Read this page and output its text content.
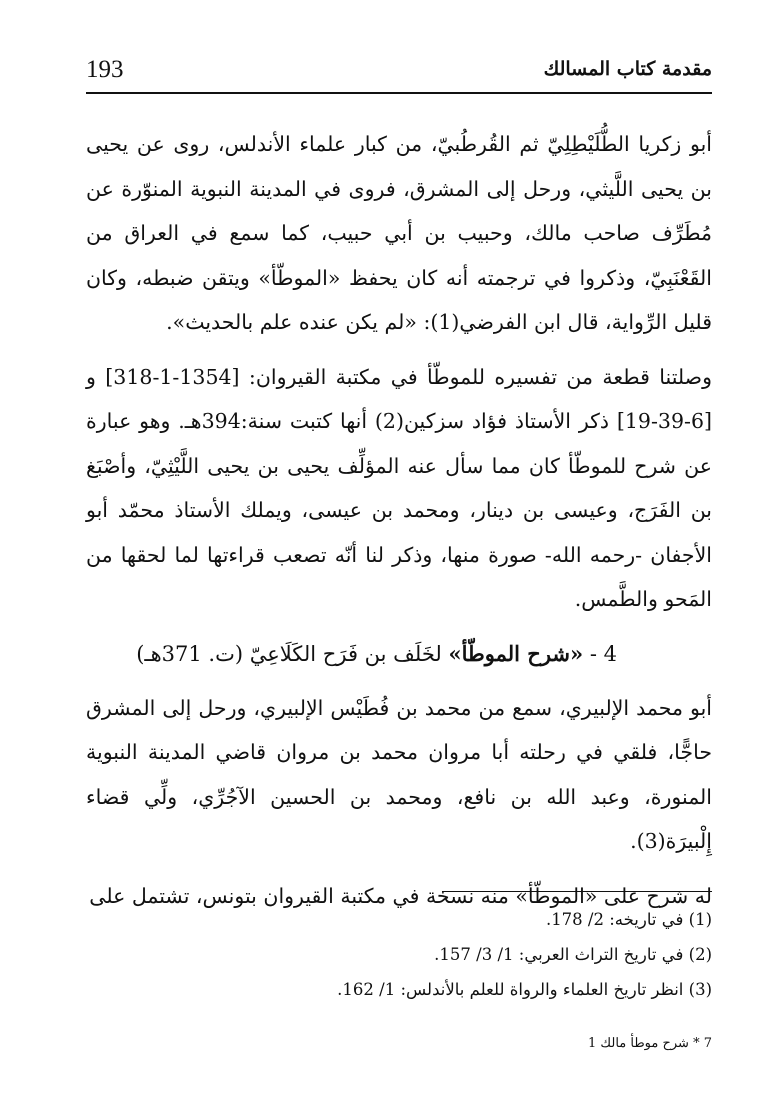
193	مقدمة كتاب المسالك

أبو زكريا الطُّلَيْطِلِيّ ثم القُرطُبيّ، من كبار علماء الأندلس، روى عن يحيى بن يحيى اللَّيثي، ورحل إلى المشرق، فروى في المدينة النبوية المنوّرة عن مُطَرِّف صاحب مالك، وحبيب بن أبي حبيب، كما سمع في العراق من القَعْنَبِيّ، وذكروا في ترجمته أنه كان يحفظ «الموطّأ» ويتقن ضبطه، وكان قليل الرِّواية، قال ابن الفرضي(1): «لم يكن عنده علم بالحديث».

وصلتنا قطعة من تفسيره للموطّأ في مكتبة القيروان: [1354-1-318] و [6-39-19] ذكر الأستاذ فؤاد سزكين(2) أنها كتبت سنة:394هـ. وهو عبارة عن شرح للموطّأ كان مما سأل عنه المؤلِّف يحيى بن يحيى اللَّيْثِيّ، وأصْبَغ بن الفَرَج، وعيسى بن دينار، ومحمد بن عيسى، ويملك الأستاذ محمّد أبو الأجفان -رحمه الله- صورة منها، وذكر لنا أنّه تصعب قراءتها لما لحقها من المَحو والطَّمس.

4 - «شرح الموطّأ» لخَلَف بن فَرَح الكَلَاعِيّ (ت. 371هـ)

أبو محمد الإلبيري، سمع من محمد بن فُطَيْس الإلبيري، ورحل إلى المشرق حاجًّا، فلقي في رحلته أبا مروان محمد بن مروان قاضي المدينة النبوية المنورة، وعبد الله بن نافع، ومحمد بن الحسين الآجُرِّي، ولِّي قضاء إِلْبيرَة(3).

له شرح على «الموطّأ» منه نسخة في مكتبة القيروان بتونس، تشتمل على

(1) في تاريخه: 2/ 178.

(2) في تاريخ التراث العربي: 1/ 3/ 157.

(3) انظر تاريخ العلماء والرواة للعلم بالأندلس: 1/ 162.

7 * شرح موطأ مالك 1
